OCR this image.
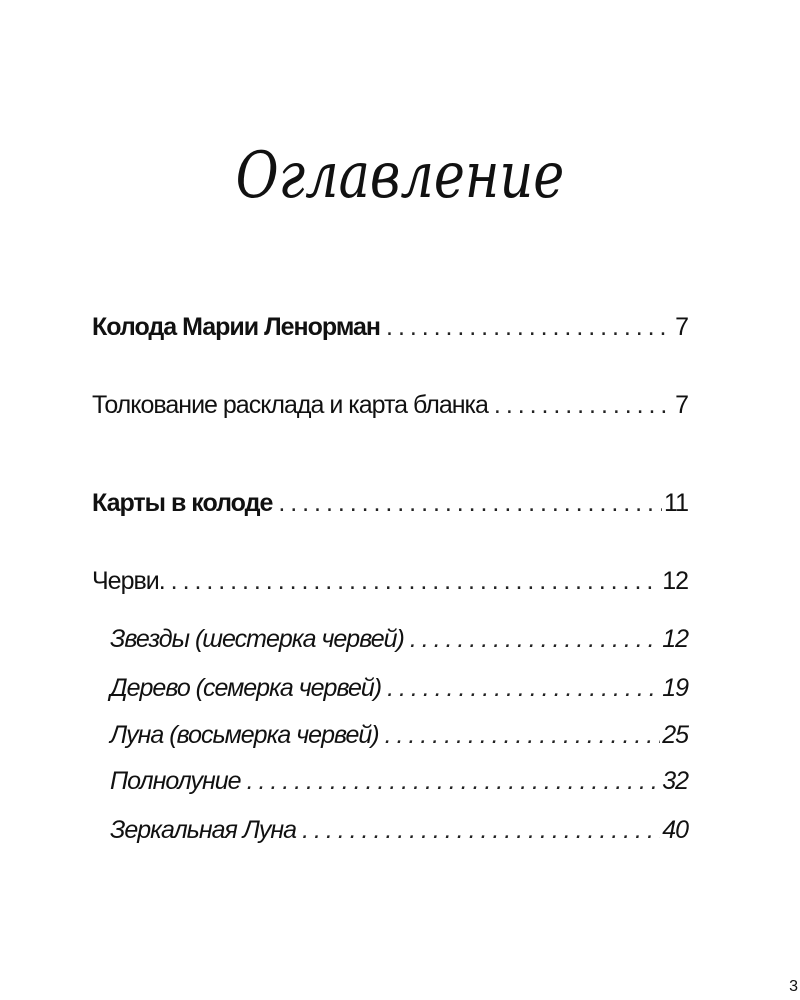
Оглавление
Колода Марии Ленорман . . .	7
Толкование расклада и карта бланка . . .	7
Карты в колоде . . .	11
Черви. . . .	12
Звезды (шестерка червей) . . .	12
Дерево (семерка червей) . . .	19
Луна (восьмерка червей) . . .	25
Полнолуние . . .	32
Зеркальная Луна . . .	40
3
